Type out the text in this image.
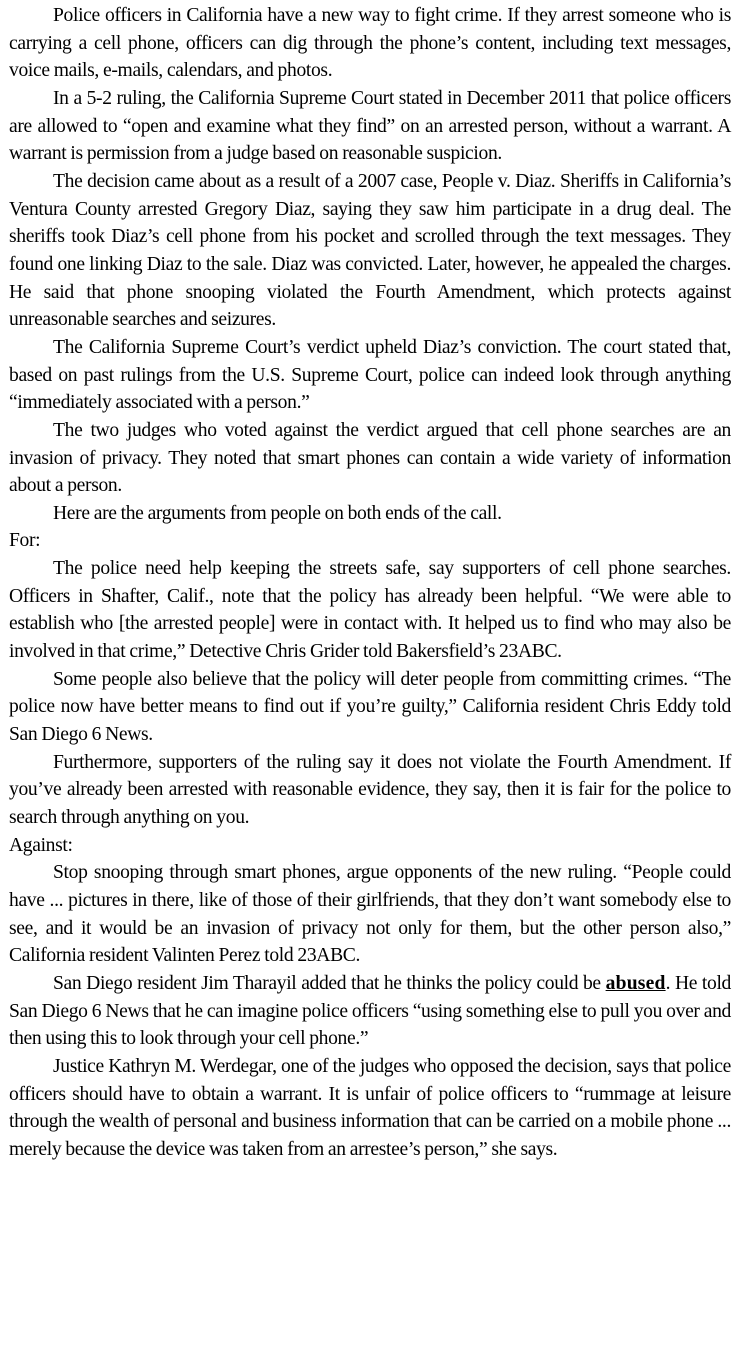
Police officers in California have a new way to fight crime. If they arrest someone who is carrying a cell phone, officers can dig through the phone’s content, including text messages, voice mails, e-mails, calendars, and photos.

In a 5-2 ruling, the California Supreme Court stated in December 2011 that police officers are allowed to “open and examine what they find” on an arrested person, without a warrant. A warrant is permission from a judge based on reasonable suspicion.

The decision came about as a result of a 2007 case, People v. Diaz. Sheriffs in California’s Ventura County arrested Gregory Diaz, saying they saw him participate in a drug deal. The sheriffs took Diaz’s cell phone from his pocket and scrolled through the text messages. They found one linking Diaz to the sale. Diaz was convicted. Later, however, he appealed the charges. He said that phone snooping violated the Fourth Amendment, which protects against unreasonable searches and seizures.

The California Supreme Court’s verdict upheld Diaz’s conviction. The court stated that, based on past rulings from the U.S. Supreme Court, police can indeed look through anything “immediately associated with a person.”

The two judges who voted against the verdict argued that cell phone searches are an invasion of privacy. They noted that smart phones can contain a wide variety of information about a person.

Here are the arguments from people on both ends of the call.

For:

The police need help keeping the streets safe, say supporters of cell phone searches. Officers in Shafter, Calif., note that the policy has already been helpful. “We were able to establish who [the arrested people] were in contact with. It helped us to find who may also be involved in that crime,” Detective Chris Grider told Bakersfield’s 23ABC.

Some people also believe that the policy will deter people from committing crimes. “The police now have better means to find out if you’re guilty,” California resident Chris Eddy told San Diego 6 News.

Furthermore, supporters of the ruling say it does not violate the Fourth Amendment. If you’ve already been arrested with reasonable evidence, they say, then it is fair for the police to search through anything on you.

Against:

Stop snooping through smart phones, argue opponents of the new ruling. “People could have ... pictures in there, like of those of their girlfriends, that they don’t want somebody else to see, and it would be an invasion of privacy not only for them, but the other person also,” California resident Valinten Perez told 23ABC.

San Diego resident Jim Tharayil added that he thinks the policy could be abused. He told San Diego 6 News that he can imagine police officers “using something else to pull you over and then using this to look through your cell phone.”

Justice Kathryn M. Werdegar, one of the judges who opposed the decision, says that police officers should have to obtain a warrant. It is unfair of police officers to “rummage at leisure through the wealth of personal and business information that can be carried on a mobile phone ... merely because the device was taken from an arrestee’s person,” she says.
